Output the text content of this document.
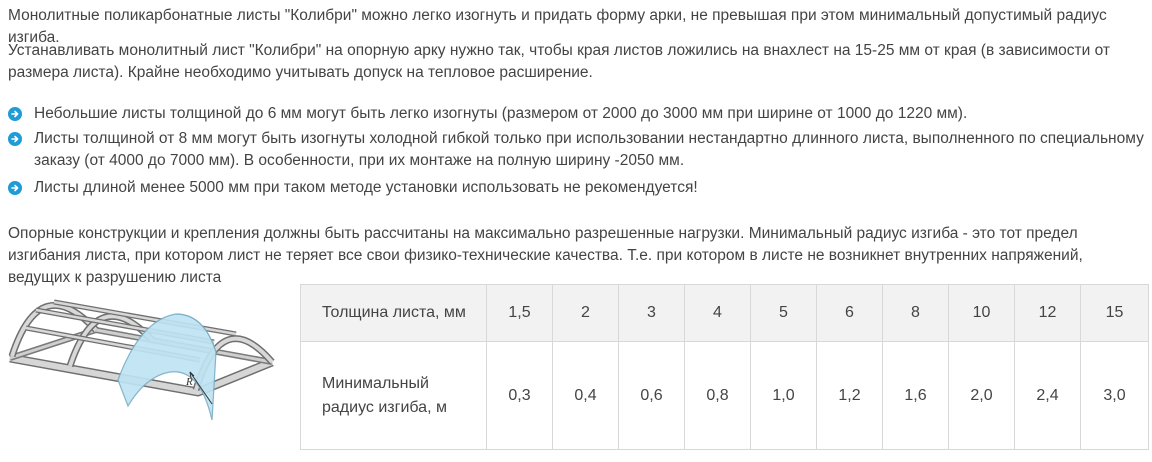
Монолитные поликарбонатные листы "Колибри" можно легко изогнуть и придать форму арки, не превышая при этом минимальный допустимый радиус изгиба.

Устанавливать монолитный лист "Колибри" на опорную арку нужно так, чтобы края листов ложились на внахлест на 15-25 мм от края (в зависимости от размера листа). Крайне необходимо учитывать допуск на тепловое расширение.

Небольшие листы толщиной до 6 мм могут быть легко изогнуты (размером от 2000 до 3000 мм при ширине от 1000 до 1220 мм).
Листы толщиной от 8 мм могут быть изогнуты холодной гибкой только при использовании нестандартно длинного листа, выполненного по специальному заказу (от 4000 до 7000 мм). В особенности, при их монтаже на полную ширину -2050 мм.
Листы длиной менее 5000 мм при таком методе установки использовать не рекомендуется!

Опорные конструкции и крепления должны быть рассчитаны на максимально разрешенные нагрузки. Минимальный радиус изгиба - это тот предел изгибания листа, при котором лист не теряет все свои физико-технические качества. Т.е. при котором в листе не возникнет внутренних напряжений, ведущих к разрушению листа

R
Толщина листа, мм	1,5	2	3	4	5	6	8	10	12	15
Минимальный радиус изгиба, м	0,3	0,4	0,6	0,8	1,0	1,2	1,6	2,0	2,4	3,0
